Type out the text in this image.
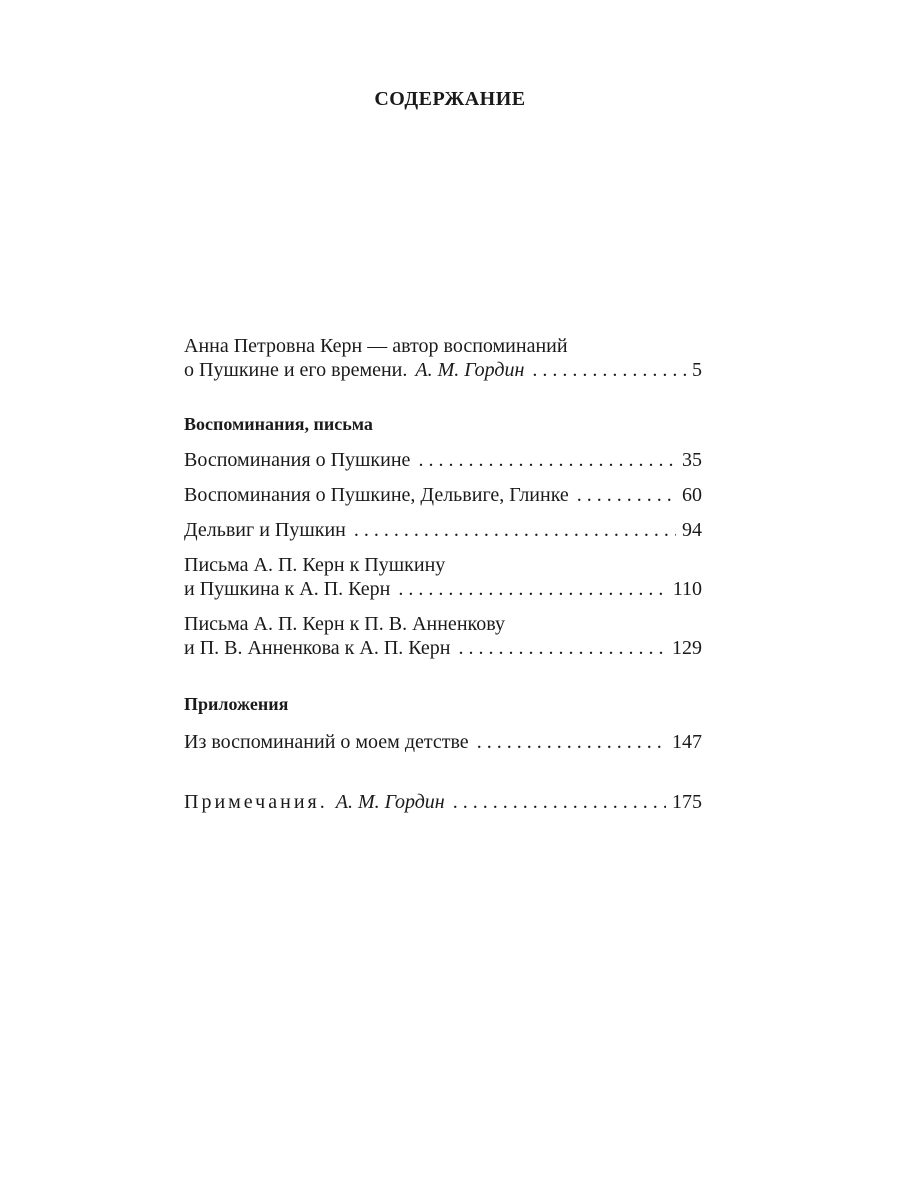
СОДЕРЖАНИЕ
Анна Петровна Керн — автор воспоминаний
о Пушкине и его времени. А. М. Гордин . . .	5
Воспоминания, письма
Воспоминания о Пушкине . . .	35
Воспоминания о Пушкине, Дельвиге, Глинке . . .	60
Дельвиг и Пушкин . . .	94
Письма А. П. Керн к Пушкину
и Пушкина к А. П. Керн . . .	110
Письма А. П. Керн к П. В. Анненкову
и П. В. Анненкова к А. П. Керн . . .	129
Приложения
Из воспоминаний о моем детстве . . .	147
Примечания. А. М. Гордин . . .	175
